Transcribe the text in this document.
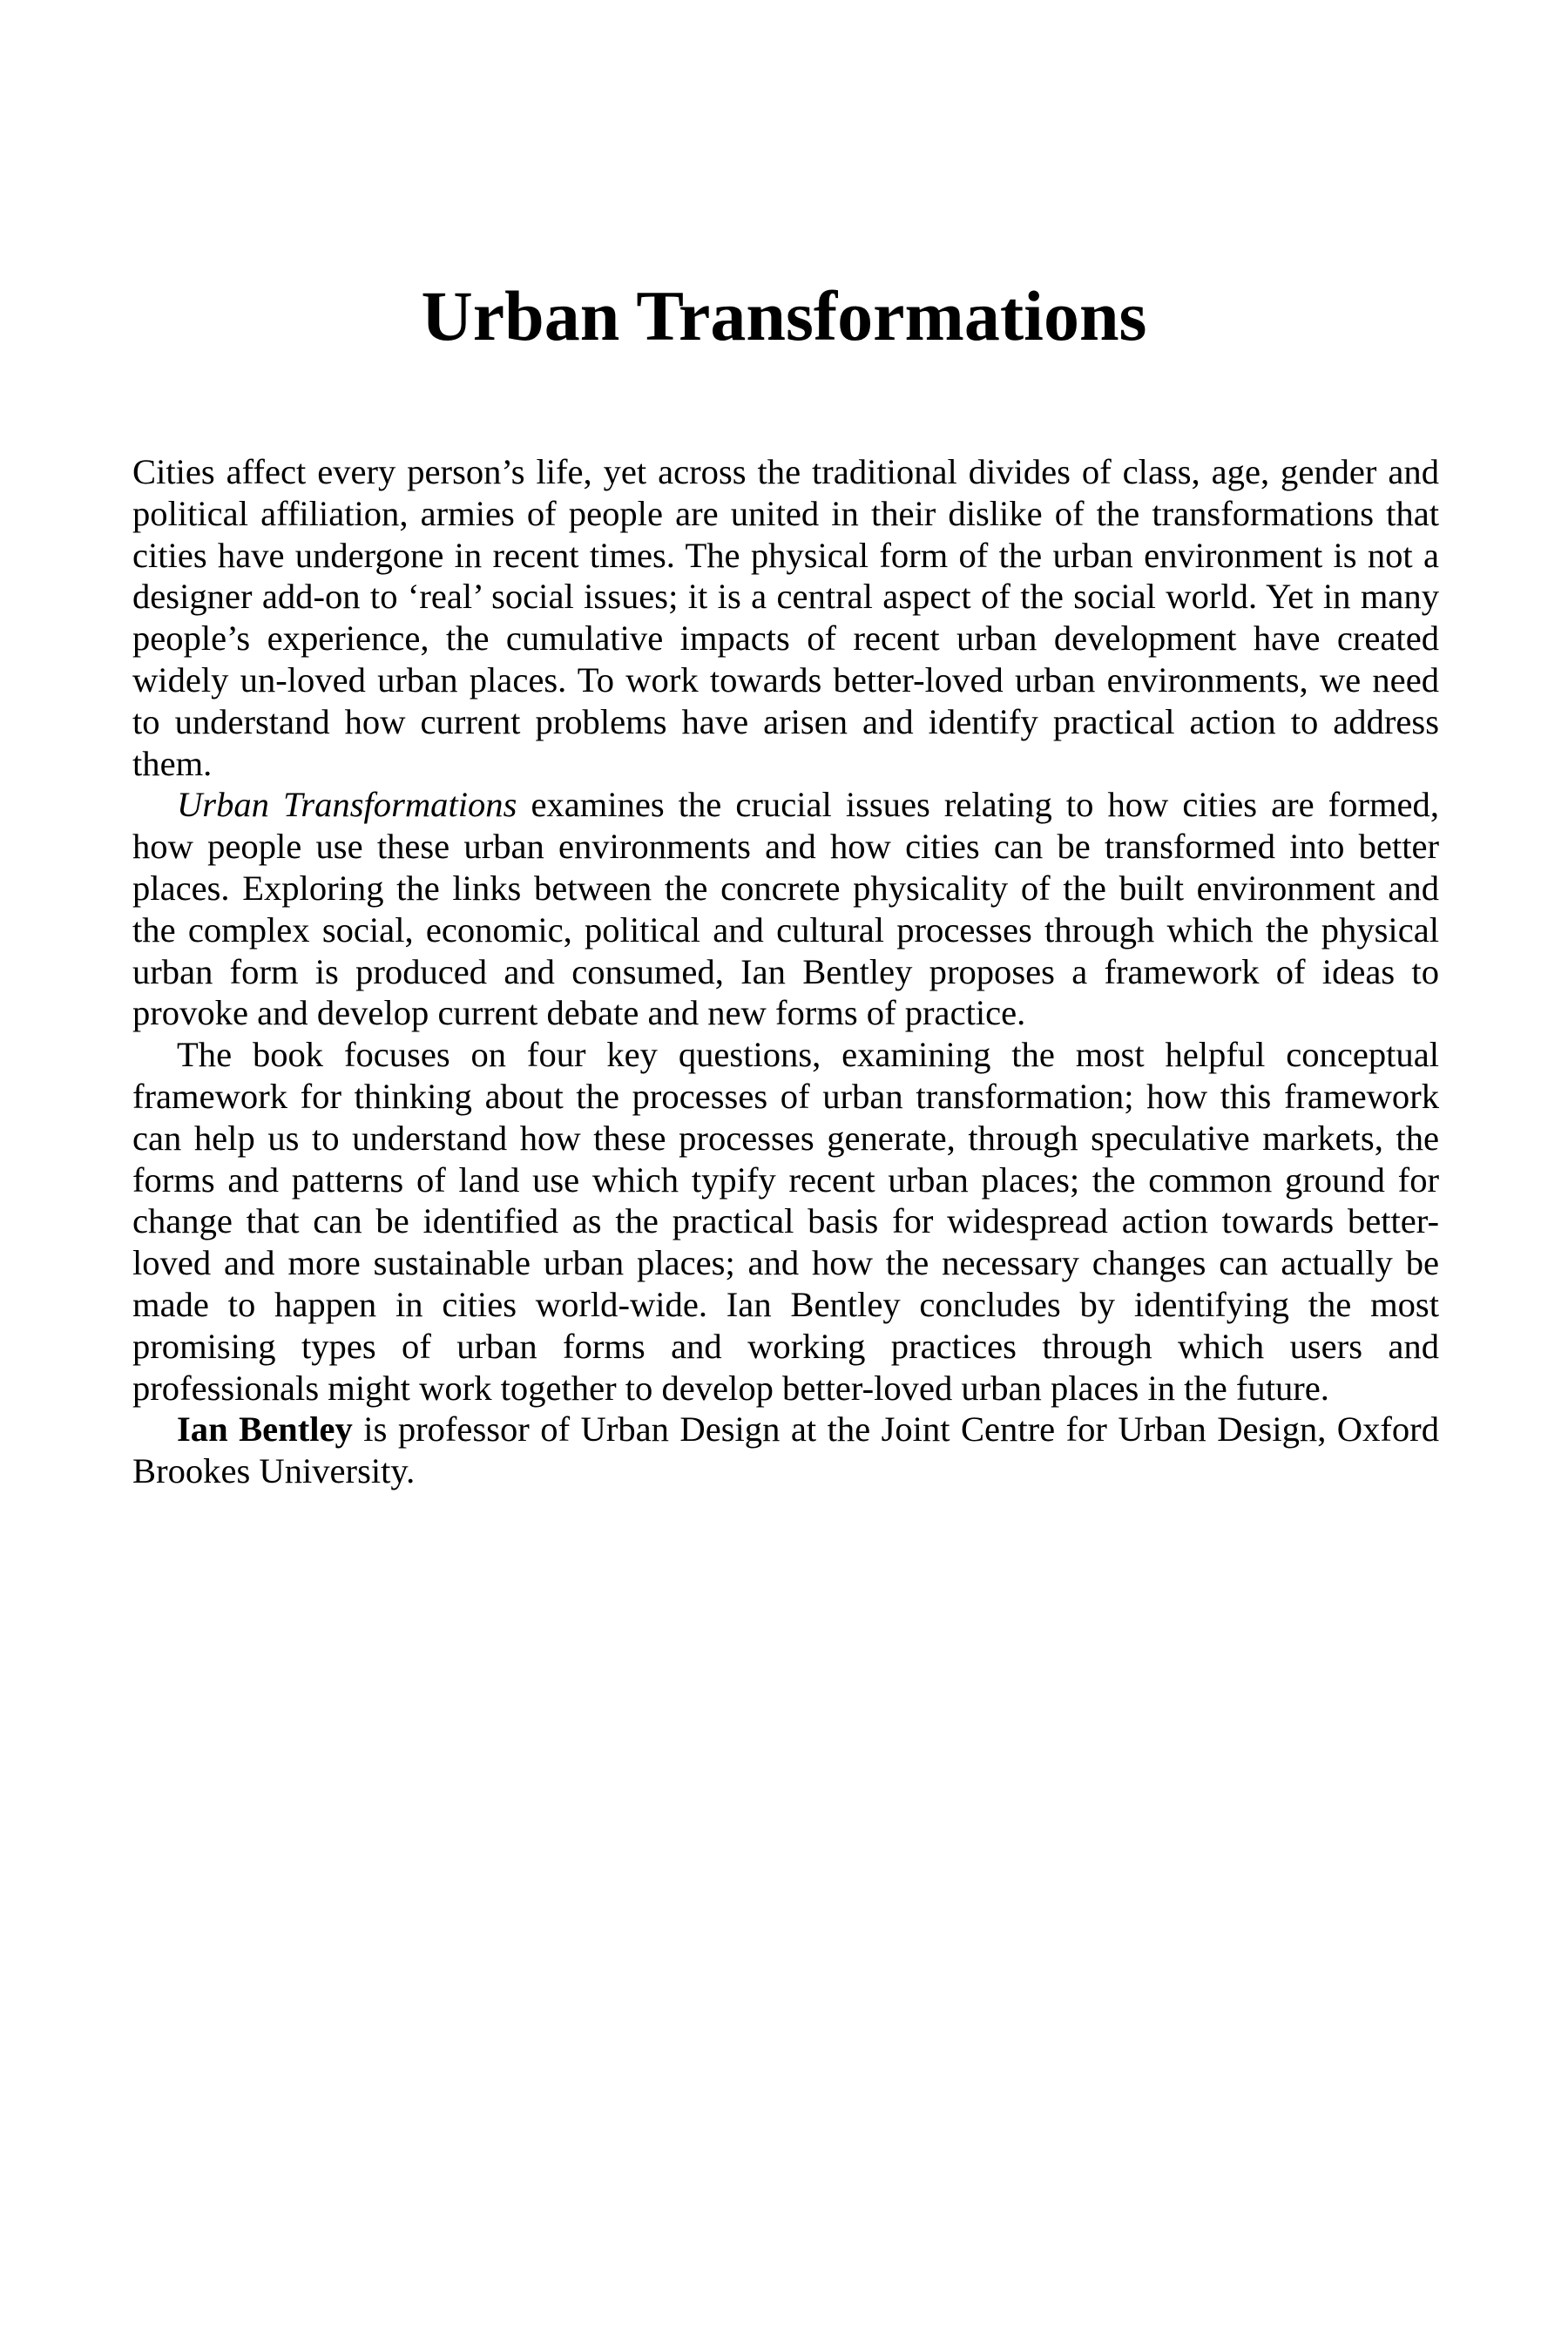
Urban Transformations

Cities affect every person’s life, yet across the traditional divides of class, age, gender and political affiliation, armies of people are united in their dislike of the transformations that cities have undergone in recent times. The physical form of the urban environment is not a designer add-on to ‘real’ social issues; it is a central aspect of the social world. Yet in many people’s experience, the cumulative impacts of recent urban development have created widely un-loved urban places. To work towards better-loved urban environments, we need to understand how current problems have arisen and identify practical action to address them.

Urban Transformations examines the crucial issues relating to how cities are formed, how people use these urban environments and how cities can be transformed into better places. Exploring the links between the concrete physicality of the built environment and the complex social, economic, political and cultural processes through which the physical urban form is produced and consumed, Ian Bentley proposes a framework of ideas to provoke and develop current debate and new forms of practice.

The book focuses on four key questions, examining the most helpful conceptual framework for thinking about the processes of urban transformation; how this framework can help us to understand how these processes generate, through speculative markets, the forms and patterns of land use which typify recent urban places; the common ground for change that can be identified as the practical basis for widespread action towards better-loved and more sustainable urban places; and how the necessary changes can actually be made to happen in cities world-wide. Ian Bentley concludes by identifying the most promising types of urban forms and working practices through which users and professionals might work together to develop better-loved urban places in the future.

Ian Bentley is professor of Urban Design at the Joint Centre for Urban Design, Oxford Brookes University.
